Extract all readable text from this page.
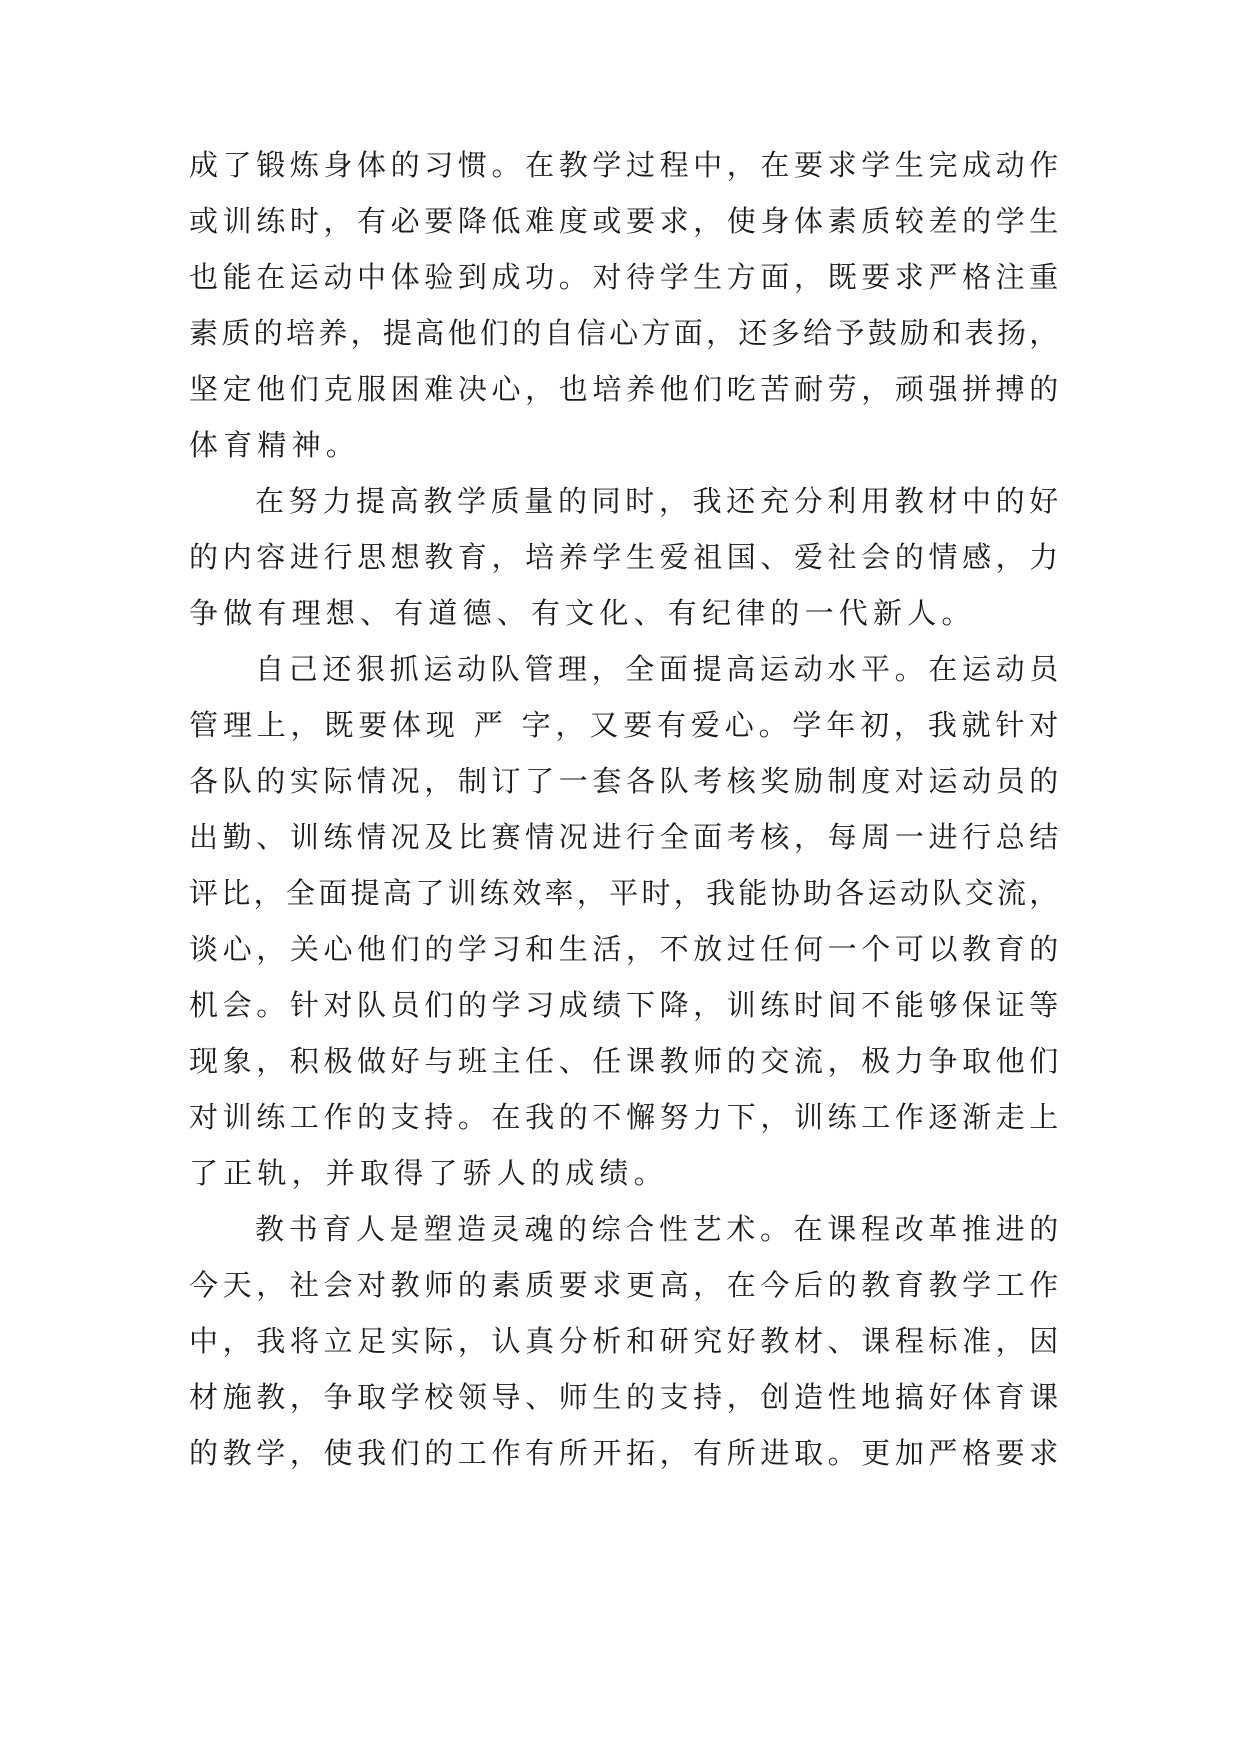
成了锻炼身体的习惯。在教学过程中，在要求学生完成动作
或训练时，有必要降低难度或要求，使身体素质较差的学生
也能在运动中体验到成功。对待学生方面，既要求严格注重
素质的培养，提高他们的自信心方面，还多给予鼓励和表扬，
坚定他们克服困难决心，也培养他们吃苦耐劳，顽强拼搏的
体育精神。
在努力提高教学质量的同时，我还充分利用教材中的好
的内容进行思想教育，培养学生爱祖国、爱社会的情感，力
争做有理想、有道德、有文化、有纪律的一代新人。
自己还狠抓运动队管理，全面提高运动水平。在运动员
管理上，既要体现 严 字，又要有爱心。学年初，我就针对
各队的实际情况，制订了一套各队考核奖励制度对运动员的
出勤、训练情况及比赛情况进行全面考核，每周一进行总结
评比，全面提高了训练效率，平时，我能协助各运动队交流，
谈心，关心他们的学习和生活，不放过任何一个可以教育的
机会。针对队员们的学习成绩下降，训练时间不能够保证等
现象，积极做好与班主任、任课教师的交流，极力争取他们
对训练工作的支持。在我的不懈努力下，训练工作逐渐走上
了正轨，并取得了骄人的成绩。
教书育人是塑造灵魂的综合性艺术。在课程改革推进的
今天，社会对教师的素质要求更高，在今后的教育教学工作
中，我将立足实际，认真分析和研究好教材、课程标准，因
材施教，争取学校领导、师生的支持，创造性地搞好体育课
的教学，使我们的工作有所开拓，有所进取。更加严格要求
